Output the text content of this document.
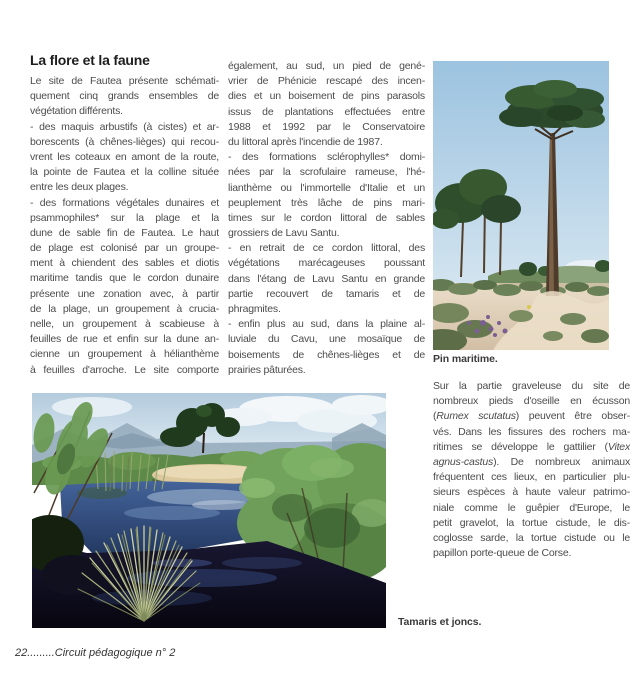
La flore et la faune
Le site de Fautea présente schémati-
quement cinq grands ensembles de
végétation différents.
- des maquis arbustifs (à cistes) et ar-
borescents (à chênes-lièges) qui recou-
vrent les coteaux en amont de la route,
la pointe de Fautea et la colline située
entre les deux plages.
- des formations végétales dunaires et
psammophiles* sur la plage et la
dune de sable fin de Fautea. Le haut
de plage est colonisé par un groupe-
ment à chiendent des sables et diotis
maritime tandis que le cordon dunaire
présente une zonation avec, à partir
de la plage, un groupement à crucia-
nelle, un groupement à scabieuse à
feuilles de rue et enfin sur la dune an-
cienne un groupement à hélianthème
à feuilles d'arroche. Le site comporte
également, au sud, un pied de gené-
vrier de Phénicie rescapé des incen-
dies et un boisement de pins parasols
issus de plantations effectuées entre
1988 et 1992 par le Conservatoire
du littoral après l'incendie de 1987.
- des formations sclérophylles* domi-
nées par la scrofulaire rameuse, l'hé-
lianthème ou l'immortelle d'Italie et un
peuplement très lâche de pins mari-
times sur le cordon littoral de sables
grossiers de Lavu Santu.
- en retrait de ce cordon littoral, des
végétations marécageuses poussant
dans l'étang de Lavu Santu en grande
partie recouvert de tamaris et de
phragmites.
- enfin plus au sud, dans la plaine al-
luviale du Cavu, une mosaïque de
boisements de chênes-lièges et de
prairies pâturées.
Pin maritime.
Sur la partie graveleuse du site de
nombreux pieds d'oseille en écusson
(Rumex scutatus) peuvent être obser-
vés. Dans les fissures des rochers ma-
ritimes se développe le gattilier (Vitex
agnus-castus). De nombreux animaux
fréquentent ces lieux, en particulier plu-
sieurs espèces à haute valeur patrimo-
niale comme le guêpier d'Europe, le
petit gravelot, la tortue cistude, le dis-
coglosse sarde, la tortue cistude ou le
papillon porte-queue de Corse.
Tamaris et joncs.
22.........Circuit pédagogique n° 2
